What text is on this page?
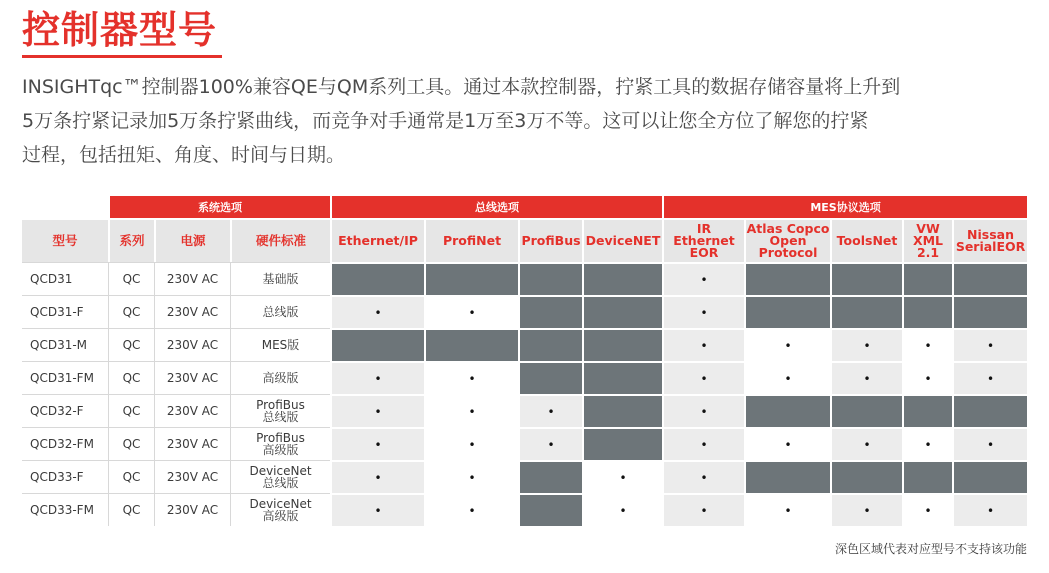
控制器型号
INSIGHTqc™控制器100%兼容QE与QM系列工具。通过本款控制器，拧紧工具的数据存储容量将上升到
5万条拧紧记录加5万条拧紧曲线，而竞争对手通常是1万至3万不等。这可以让您全方位了解您的拧紧
过程，包括扭矩、角度、时间与日期。
	系统选项			总线选项				MES协议选项				
型号	系列	电源	硬件标准	Ethernet/IP	ProfiNet	ProfiBus	DeviceNET	IR Ethernet EOR	Atlas Copco Open Protocol	ToolsNet	VW XML 2.1	Nissan SerialEOR
QCD31	QC	230V AC	基础版					•				
QCD31-F	QC	230V AC	总线版	•	•			•				
QCD31-M	QC	230V AC	MES版					•	•	•	•	•
QCD31-FM	QC	230V AC	高级版	•	•			•	•	•	•	•
QCD32-F	QC	230V AC	ProfiBus
总线版	•	•	•		•				
QCD32-FM	QC	230V AC	ProfiBus
高级版	•	•	•		•	•	•	•	•
QCD33-F	QC	230V AC	DeviceNet
总线版	•	•		•	•				
QCD33-FM	QC	230V AC	DeviceNet
高级版	•	•		•	•	•	•	•	•
深色区域代表对应型号不支持该功能
